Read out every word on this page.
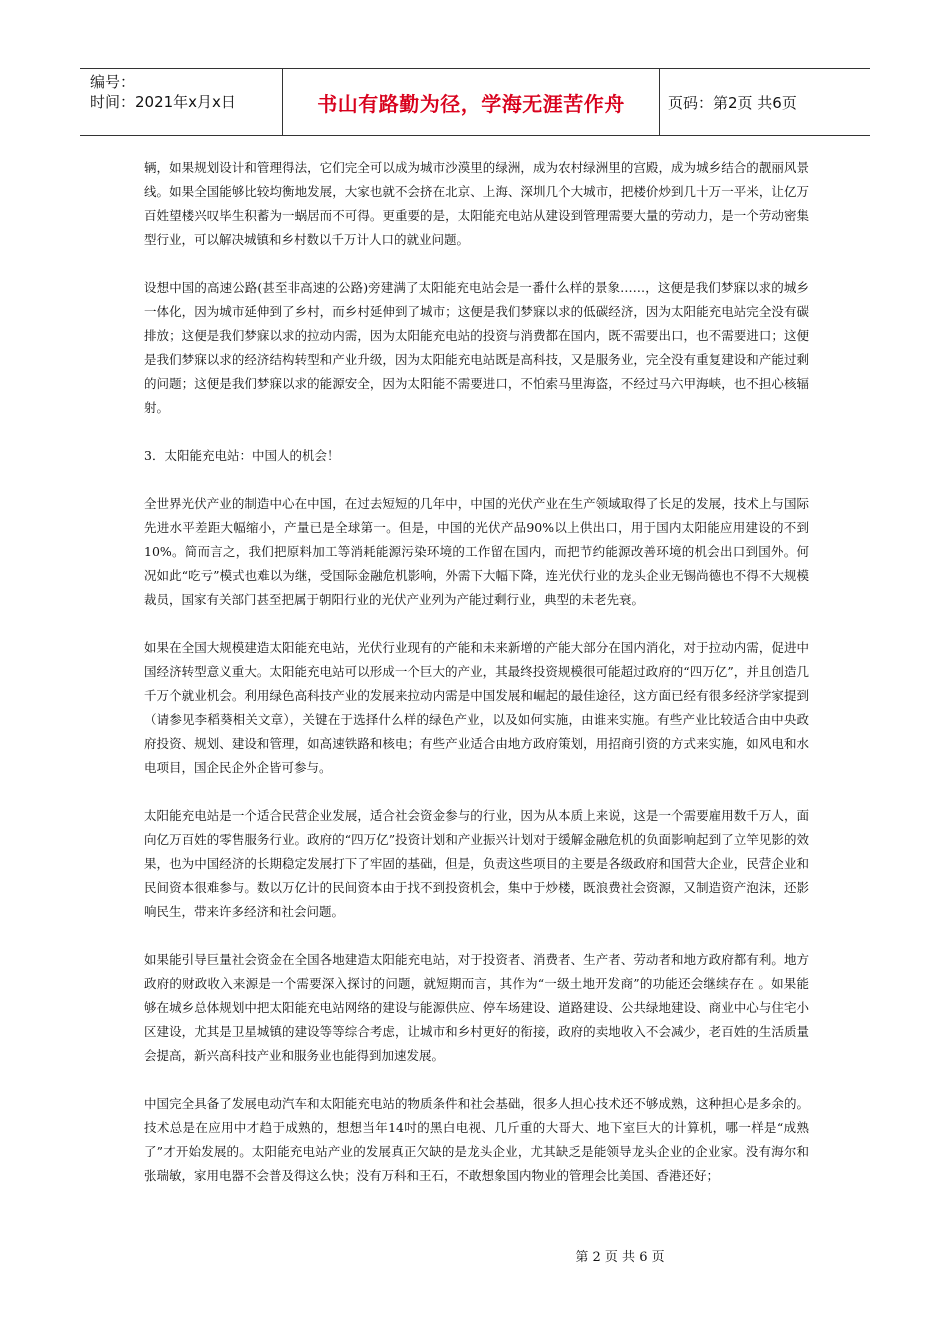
编号：
时间：2021年x月x日	书山有路勤为径，学海无涯苦作舟	页码：第2页 共6页

辆，如果规划设计和管理得法，它们完全可以成为城市沙漠里的绿洲，成为农村绿洲里的宫殿，成为城乡结合的靓丽风景线。如果全国能够比较均衡地发展，大家也就不会挤在北京、上海、深圳几个大城市，把楼价炒到几十万一平米，让亿万百姓望楼兴叹毕生积蓄为一蜗居而不可得。更重要的是，太阳能充电站从建设到管理需要大量的劳动力，是一个劳动密集型行业，可以解决城镇和乡村数以千万计人口的就业问题。

设想中国的高速公路(甚至非高速的公路)旁建满了太阳能充电站会是一番什么样的景象……，这便是我们梦寐以求的城乡一体化，因为城市延伸到了乡村，而乡村延伸到了城市；这便是我们梦寐以求的低碳经济，因为太阳能充电站完全没有碳排放；这便是我们梦寐以求的拉动内需，因为太阳能充电站的投资与消费都在国内，既不需要出口，也不需要进口；这便是我们梦寐以求的经济结构转型和产业升级，因为太阳能充电站既是高科技，又是服务业，完全没有重复建设和产能过剩的问题；这便是我们梦寐以求的能源安全，因为太阳能不需要进口，不怕索马里海盗，不经过马六甲海峡，也不担心核辐射。

3．太阳能充电站：中国人的机会！

全世界光伏产业的制造中心在中国，在过去短短的几年中，中国的光伏产业在生产领域取得了长足的发展，技术上与国际先进水平差距大幅缩小，产量已是全球第一。但是，中国的光伏产品90%以上供出口，用于国内太阳能应用建设的不到10%。简而言之，我们把原料加工等消耗能源污染环境的工作留在国内，而把节约能源改善环境的机会出口到国外。何况如此“吃亏”模式也难以为继，受国际金融危机影响，外需下大幅下降，连光伏行业的龙头企业无锡尚德也不得不大规模裁员，国家有关部门甚至把属于朝阳行业的光伏产业列为产能过剩行业，典型的未老先衰。

如果在全国大规模建造太阳能充电站，光伏行业现有的产能和未来新增的产能大部分在国内消化，对于拉动内需，促进中国经济转型意义重大。太阳能充电站可以形成一个巨大的产业，其最终投资规模很可能超过政府的“四万亿”，并且创造几千万个就业机会。利用绿色高科技产业的发展来拉动内需是中国发展和崛起的最佳途径，这方面已经有很多经济学家提到（请参见李稻葵相关文章），关键在于选择什么样的绿色产业，以及如何实施，由谁来实施。有些产业比较适合由中央政府投资、规划、建设和管理，如高速铁路和核电；有些产业适合由地方政府策划，用招商引资的方式来实施，如风电和水电项目，国企民企外企皆可参与。

太阳能充电站是一个适合民营企业发展，适合社会资金参与的行业，因为从本质上来说，这是一个需要雇用数千万人，面向亿万百姓的零售服务行业。政府的“四万亿”投资计划和产业振兴计划对于缓解金融危机的负面影响起到了立竿见影的效果，也为中国经济的长期稳定发展打下了牢固的基础，但是，负责这些项目的主要是各级政府和国营大企业，民营企业和民间资本很难参与。数以万亿计的民间资本由于找不到投资机会，集中于炒楼，既浪费社会资源，又制造资产泡沫，还影响民生，带来许多经济和社会问题。

如果能引导巨量社会资金在全国各地建造太阳能充电站，对于投资者、消费者、生产者、劳动者和地方政府都有利。地方政府的财政收入来源是一个需要深入探讨的问题，就短期而言，其作为“一级土地开发商”的功能还会继续存在 。如果能够在城乡总体规划中把太阳能充电站网络的建设与能源供应、停车场建设、道路建设、公共绿地建设、商业中心与住宅小区建设，尤其是卫星城镇的建设等等综合考虑，让城市和乡村更好的衔接，政府的卖地收入不会减少，老百姓的生活质量会提高，新兴高科技产业和服务业也能得到加速发展。

中国完全具备了发展电动汽车和太阳能充电站的物质条件和社会基础，很多人担心技术还不够成熟，这种担心是多余的。技术总是在应用中才趋于成熟的，想想当年14吋的黑白电视、几斤重的大哥大、地下室巨大的计算机，哪一样是“成熟了”才开始发展的。太阳能充电站产业的发展真正欠缺的是龙头企业，尤其缺乏是能领导龙头企业的企业家。没有海尔和张瑞敏，家用电器不会普及得这么快；没有万科和王石，不敢想象国内物业的管理会比美国、香港还好；

第 2 页 共 6 页
